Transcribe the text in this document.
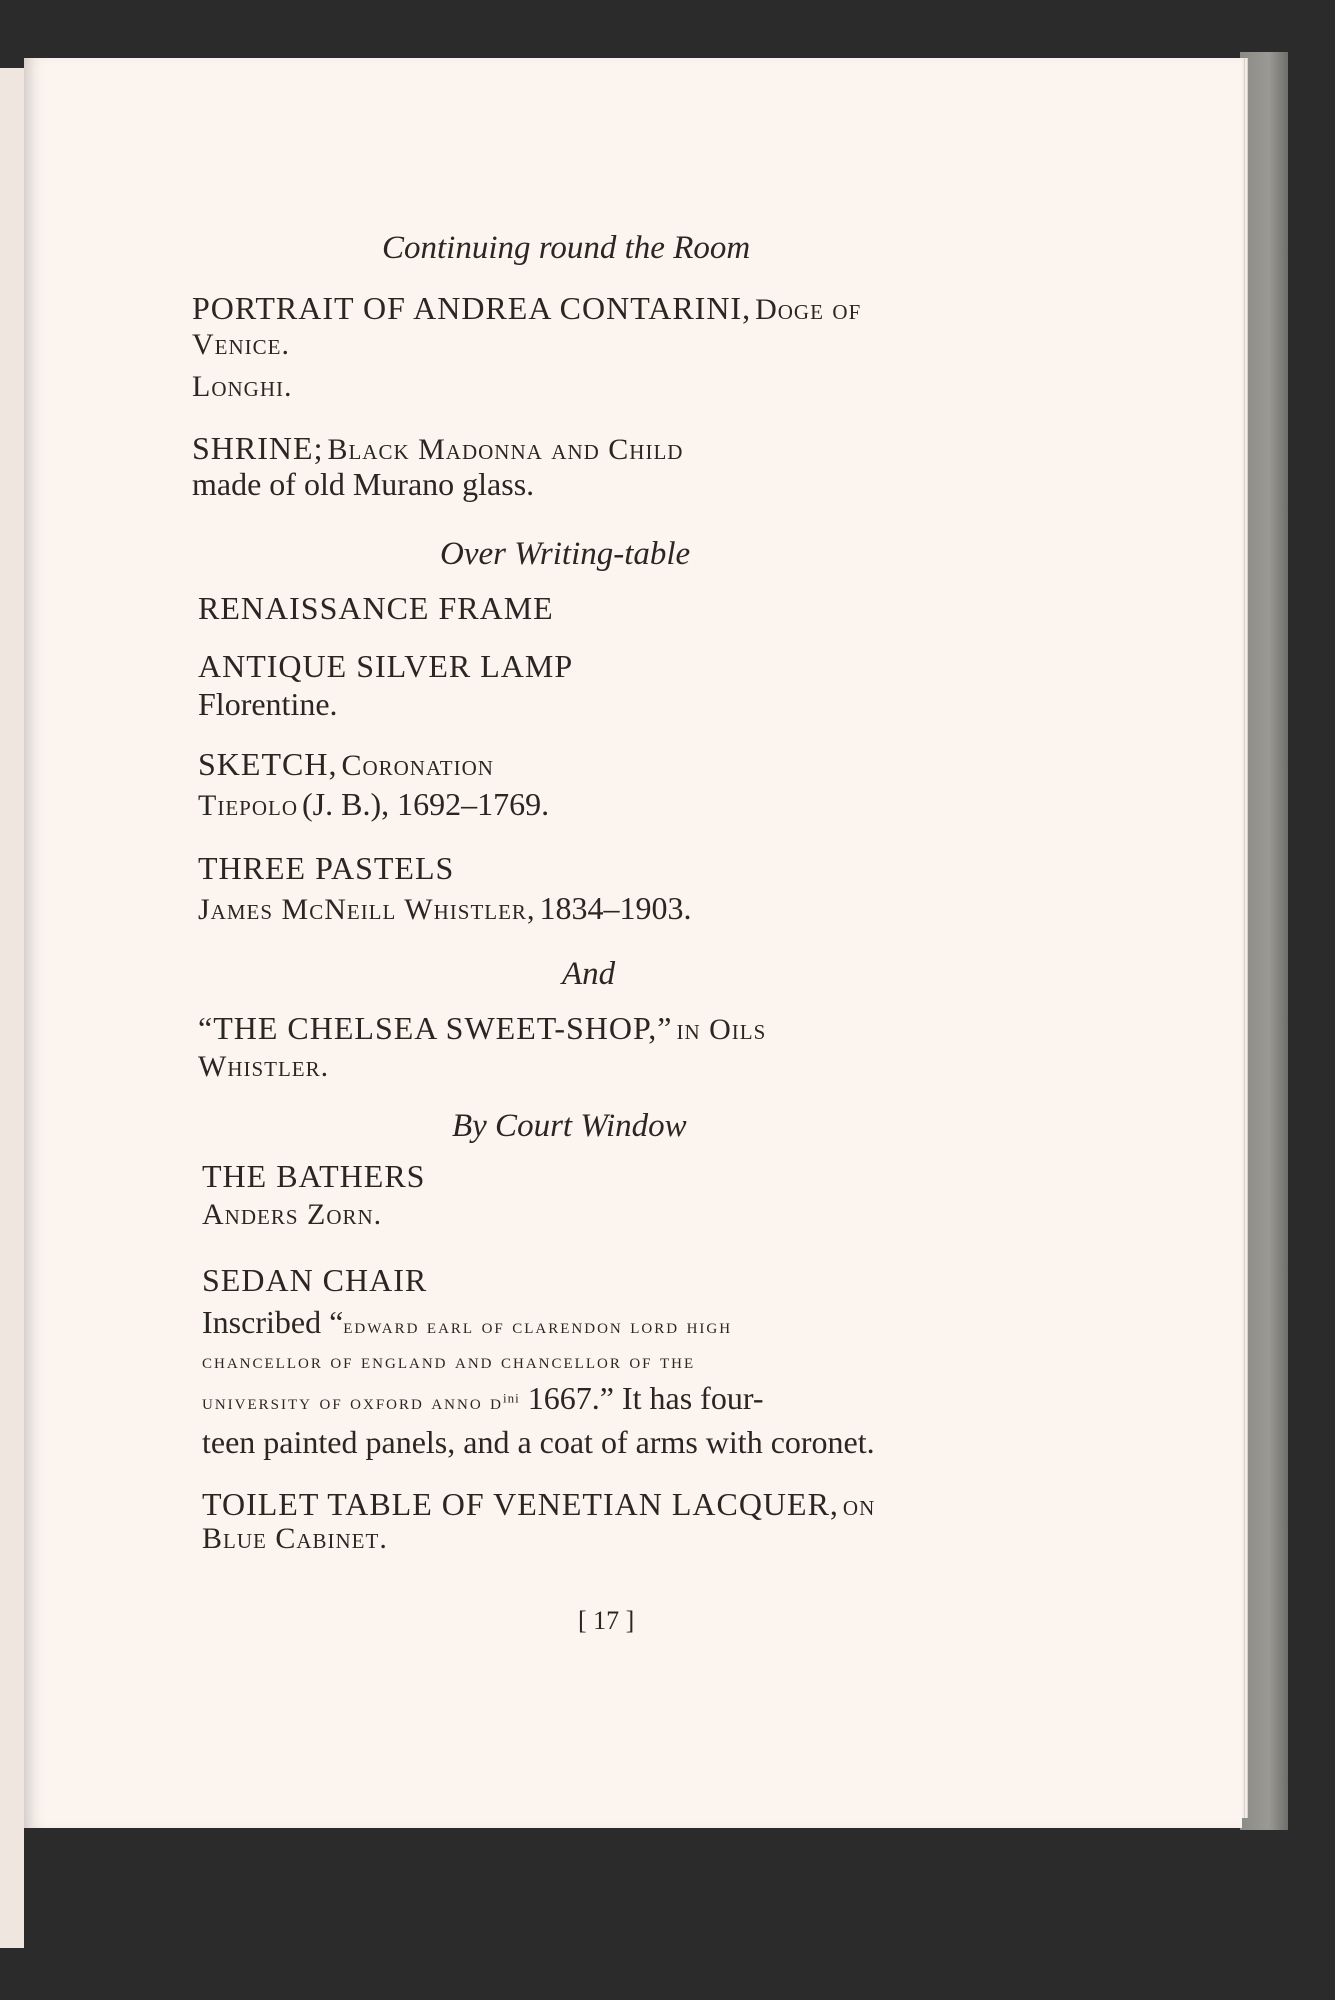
Continuing round the Room
PORTRAIT OF ANDREA CONTARINI, Doge of
Venice.
Longhi.
SHRINE; Black Madonna and Child
made of old Murano glass.
Over Writing-table
RENAISSANCE FRAME
ANTIQUE SILVER LAMP
Florentine.
SKETCH, Coronation
Tiepolo (J. B.), 1692–1769.
THREE PASTELS
James McNeill Whistler, 1834–1903.
And
“THE CHELSEA SWEET-SHOP,” in Oils
Whistler.
By Court Window
THE BATHERS
Anders Zorn.
SEDAN CHAIR
Inscribed “edward earl of clarendon lord high
chancellor of england and chancellor of the
university of oxford anno $d^{ini}$ 1667.” It has four-
teen painted panels, and a coat of arms with coronet.
TOILET TABLE OF VENETIAN LACQUER, on
Blue Cabinet.
[ 17 ]
